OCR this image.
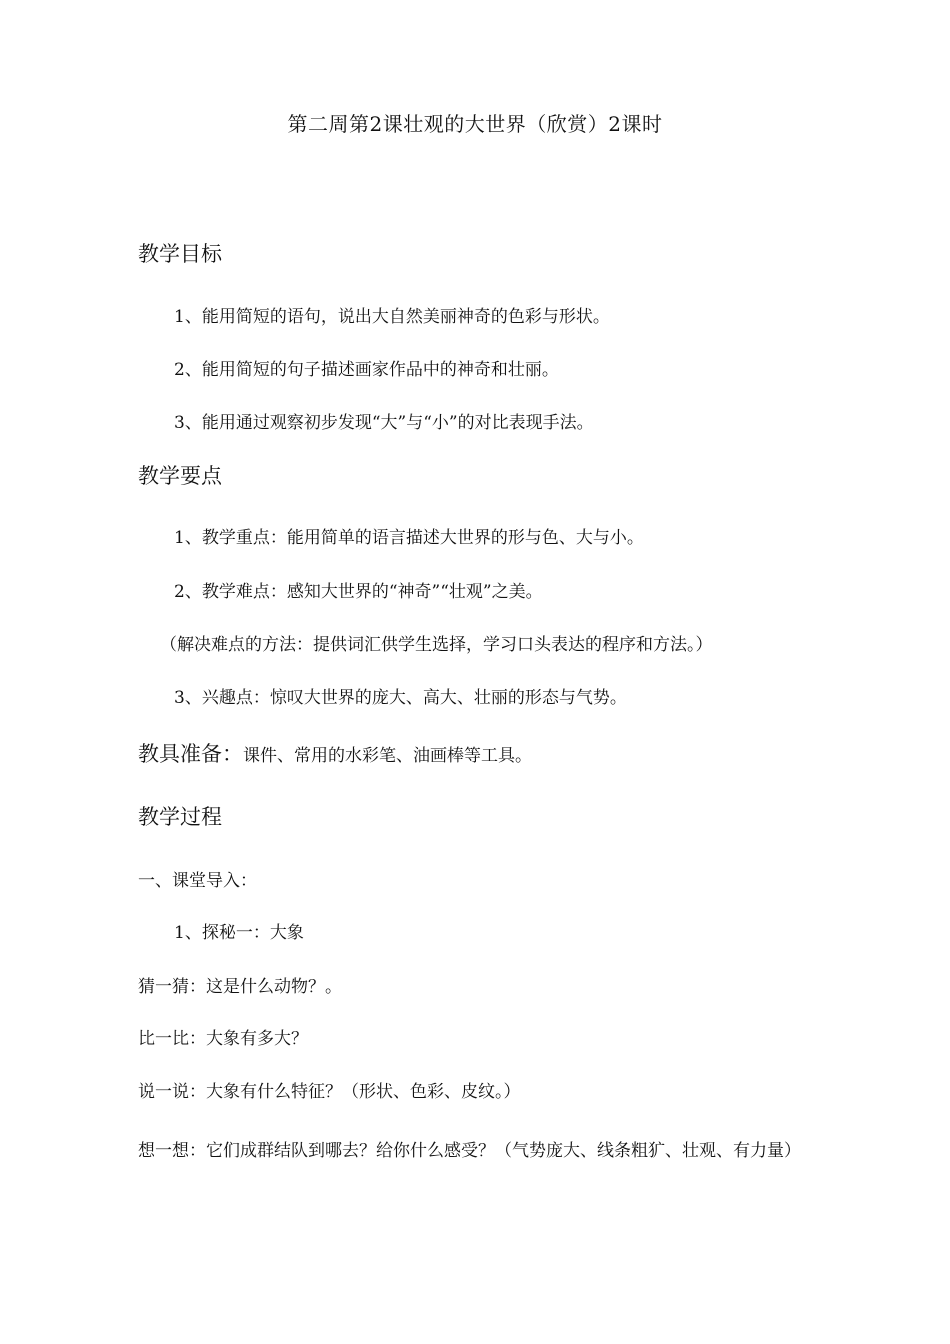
第二周第2课壮观的大世界（欣赏）2课时
教学目标
1、能用简短的语句，说出大自然美丽神奇的色彩与形状。
2、能用简短的句子描述画家作品中的神奇和壮丽。
3、能用通过观察初步发现“大”与“小”的对比表现手法。
教学要点
1、教学重点：能用简单的语言描述大世界的形与色、大与小。
2、教学难点：感知大世界的“神奇”“壮观”之美。
（解决难点的方法：提供词汇供学生选择，学习口头表达的程序和方法。）
3、兴趣点：惊叹大世界的庞大、高大、壮丽的形态与气势。
教具准备：课件、常用的水彩笔、油画棒等工具。
教学过程
一、课堂导入：
1、探秘一：大象
猜一猜：这是什么动物？。
比一比：大象有多大？
说一说：大象有什么特征？（形状、色彩、皮纹。）
想一想：它们成群结队到哪去？给你什么感受？（气势庞大、线条粗犷、壮观、有力量）
